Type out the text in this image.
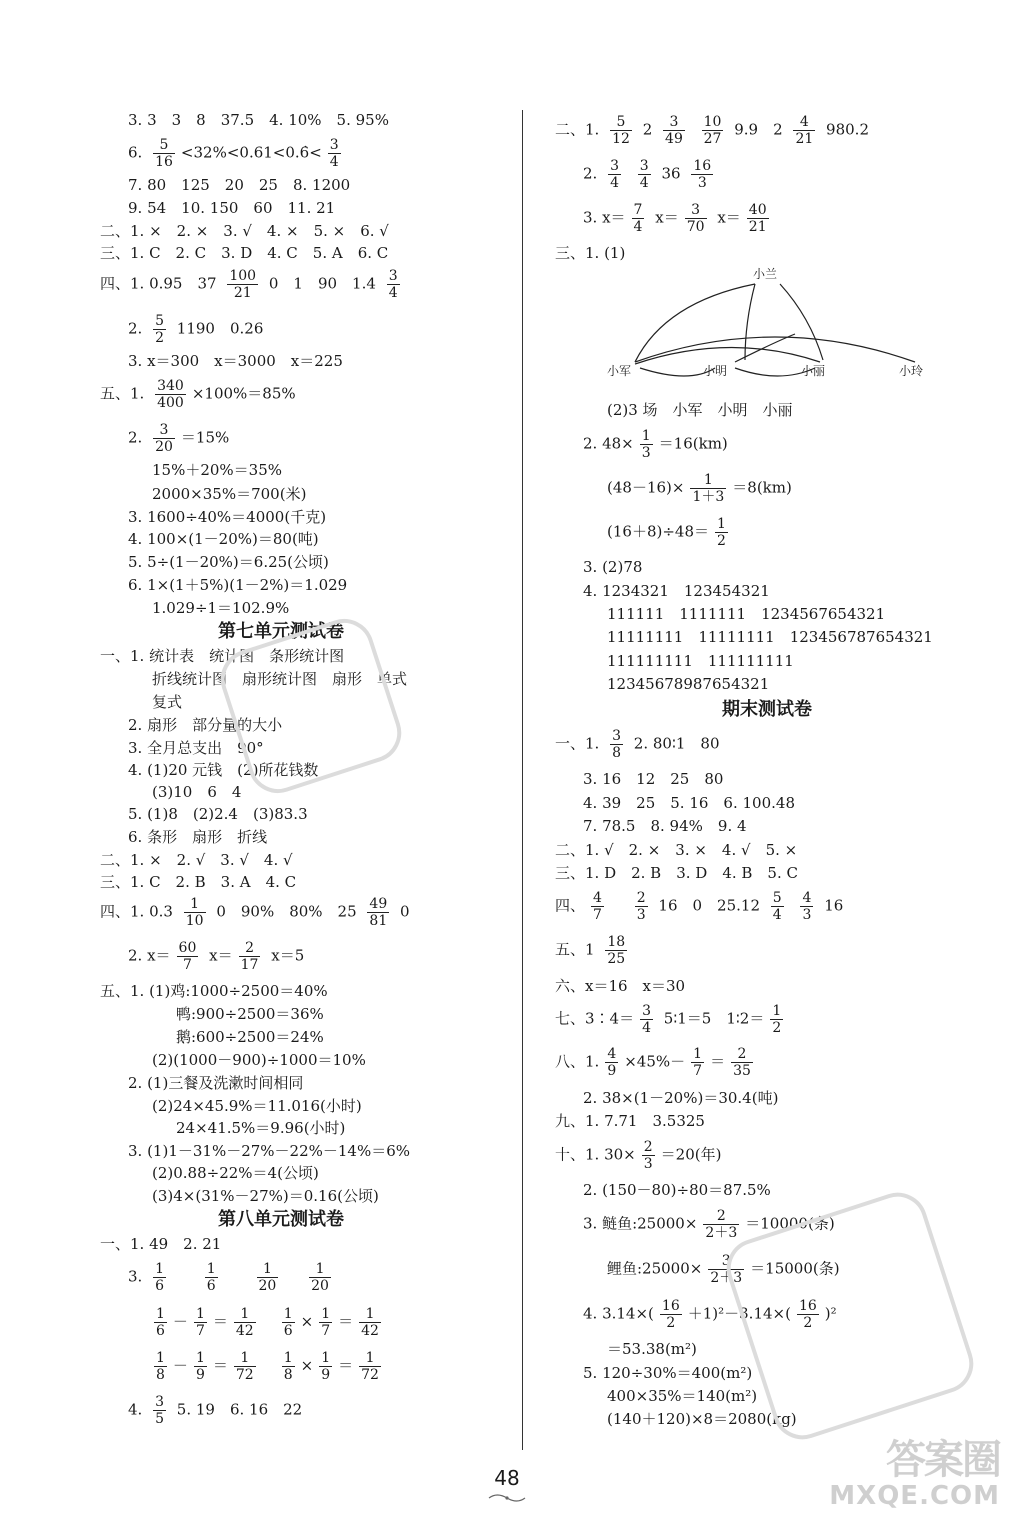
3. 3　3　8　37.5　4. 10%　5. 95%
6. $\frac{5}{16}$ <32%<0.61<0.6̇< $\frac{3}{4}$
7. 80　125　20　25　8. 1200
9. 54　10. 150　60　11. 21
二、1. ×　2. ×　3. √　4. ×　5. ×　6. √
三、1. C　2. C　3. D　4. C　5. A　6. C
四、1. 0.95　$37 \frac{100}{21} 0$　1　90　$1.4 \frac{3}{4}$
2. $\frac{5}{2} 1190$　0.26
3. x＝300　x＝3000　x＝225
五、1. $\frac{340}{400} \times 100\%=85\%$
2. $\frac{3}{20} =15\%$
15%＋20%＝35%
2000×35%＝700(米)
3. 1600÷40%＝4000(千克)
4. 100×(1－20%)＝80(吨)
5. 5÷(1－20%)＝6.25(公顷)
6. 1×(1＋5%)(1－2%)＝1.029
1.029÷1＝102.9%
第七单元测试卷
一、1. 统计表　统计图　条形统计图
折线统计图　扇形统计图　扇形　单式
复式
2. 扇形　部分量的大小
3. 全月总支出　90°
4. (1)20 元钱　(2)所花钱数
(3)10　6　4
5. (1)8　(2)2.4　(3)83.3
6. 条形　扇形　折线
二、1. ×　2. √　3. √　4. √
三、1. C　2. B　3. A　4. C
四、1. $0.3 \frac{1}{10} 0$　90%　80%　$25 \frac{49}{81} 0$
2. $x= \frac{60}{7} x= \frac{2}{17} x=5$
五、1. (1)鸡:1000÷2500＝40%
鸭:900÷2500＝36%
鹅:600÷2500＝24%
(2)(1000－900)÷1000＝10%
2. (1)三餐及洗漱时间相同
(2)24×45.9%＝11.016(小时)
24×41.5%＝9.96(小时)
3. (1)1－31%－27%－22%－14%＝6%
(2)0.88÷22%＝4(公顷)
(3)4×(31%－27%)＝0.16(公顷)
第八单元测试卷
一、1. 49　2. 21
3. $\frac{1}{6}$
	$\frac{1}{6}$
	$\frac{1}{20}$
$\frac{1}{20}$
$\frac{1}{6} - \frac{1}{7} = \frac{1}{42} \frac{1}{6} \times \frac{1}{7} = \frac{1}{42}$
$\frac{1}{8} - \frac{1}{9} = \frac{1}{72} \frac{1}{8} \times \frac{1}{9} = \frac{1}{72}$
4. $\frac{3}{5} 5$. 19　6. 16　22
二、1. $\frac{5}{12} 2 \frac{3}{49}$
$\frac{10}{27} 9.9$　$2 \frac{4}{21} 980.2$
2. $\frac{3}{4}$
$\frac{3}{4} 36 \frac{16}{3}$
3. $x= \frac{7}{4} x= \frac{3}{70} x= \frac{40}{21}$
三、1. (1)
小兰
小军	小明	小丽	小玲
(2)3 场　小军　小明　小丽
2. $48\times \frac{1}{3} =16(km)$
$(48-16)\times \frac{1}{1+3} =8(km)$
$(16+8)\div 48= \frac{1}{2}$
3. (2)78
4. 1234321　123454321
111111　1111111　1234567654321
11111111　11111111　123456787654321
111111111　111111111
12345678987654321
期末测试卷
一、1. $\frac{3}{8} 2$. 80∶1　80
3. 16　12　25　80
4. 39　25　5. 16　6. 100.48
7. 78.5　8. 94%　9. 4
二、1. √　2. ×　3. ×　4. √　5. ×
三、1. D　2. B　3. D　4. B　5. C
四、 $\frac{4}{7}$
$\frac{2}{3} 16$　0　$25.12 \frac{5}{4}$
$\frac{4}{3} 16$
五、$1 \frac{18}{25}$
六、x＝16　x＝30
七、3∶4＝ $\frac{3}{4}$ 5∶1＝5　1∶2＝ $\frac{1}{2}$
八、1. $\frac{4}{9} \times 45\%- \frac{1}{7} = \frac{2}{35}$
2. 38×(1－20%)＝30.4(吨)
九、1. 7.71　3.5325
十、1. $30\times \frac{2}{3} =20$(年)
2. (150－80)÷80＝87.5%
3. 鲢鱼:25000× $\frac{2}{2+3} =10000$(条)
鲤鱼:25000× $\frac{3}{2+3} =15000$(条)
4. $3.14\times( \frac{16}{2} +1)^2-3.14\times( \frac{16}{2} )^2$
＝53.38(m²)
5. 120÷30%＝400(m²)
400×35%＝140(m²)
(140＋120)×8＝2080(kg)
48	答案圈
MXQE.COM
